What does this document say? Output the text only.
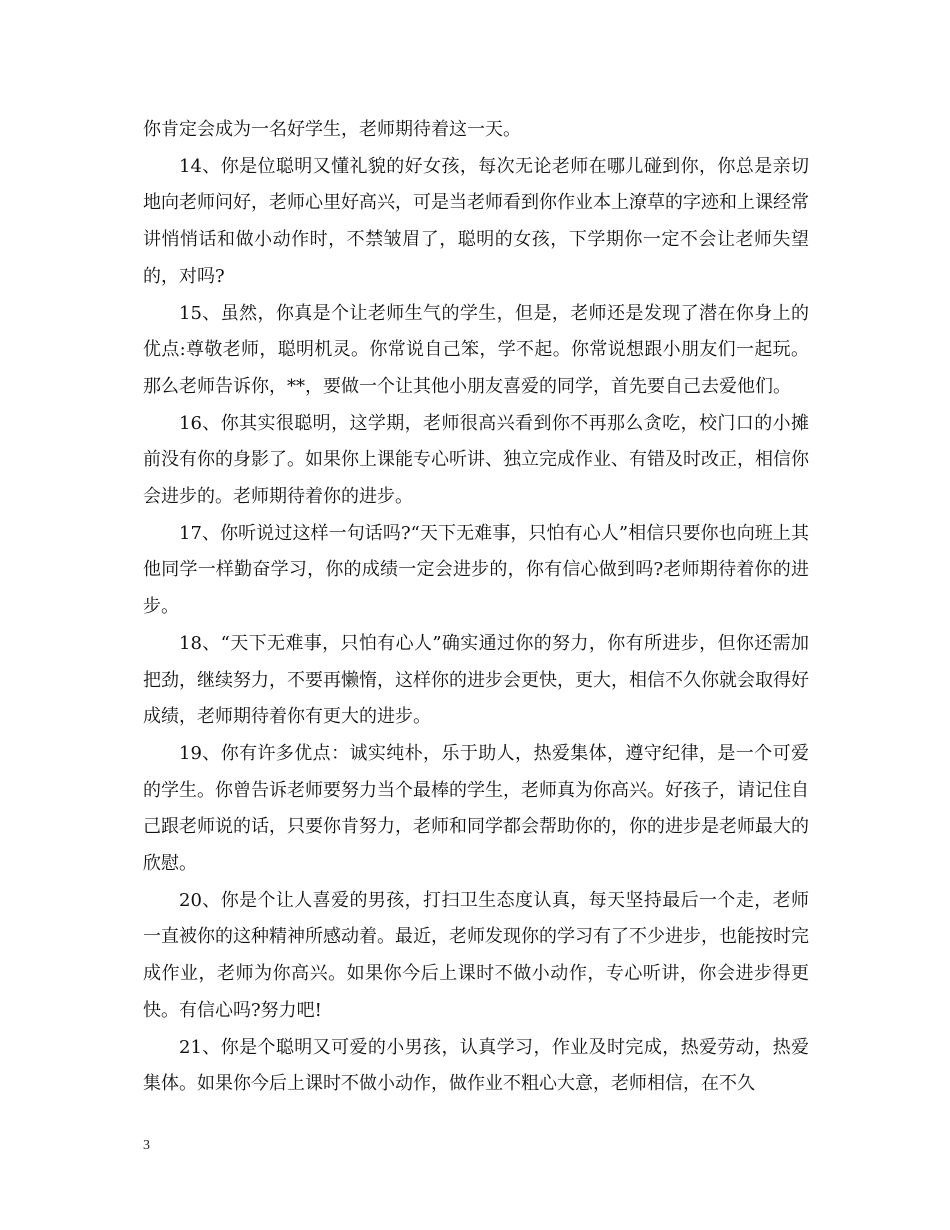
你肯定会成为一名好学生，老师期待着这一天。

14、你是位聪明又懂礼貌的好女孩，每次无论老师在哪儿碰到你，你总是亲切地向老师问好，老师心里好高兴，可是当老师看到你作业本上潦草的字迹和上课经常讲悄悄话和做小动作时，不禁皱眉了，聪明的女孩，下学期你一定不会让老师失望的，对吗?

15、虽然，你真是个让老师生气的学生，但是，老师还是发现了潜在你身上的优点:尊敬老师，聪明机灵。你常说自己笨，学不起。你常说想跟小朋友们一起玩。那么老师告诉你，**，要做一个让其他小朋友喜爱的同学，首先要自己去爱他们。

16、你其实很聪明，这学期，老师很高兴看到你不再那么贪吃，校门口的小摊前没有你的身影了。如果你上课能专心听讲、独立完成作业、有错及时改正，相信你会进步的。老师期待着你的进步。

17、你听说过这样一句话吗?“天下无难事，只怕有心人”相信只要你也向班上其他同学一样勤奋学习，你的成绩一定会进步的，你有信心做到吗?老师期待着你的进步。

18、“天下无难事，只怕有心人”确实通过你的努力，你有所进步，但你还需加把劲，继续努力，不要再懒惰，这样你的进步会更快，更大，相信不久你就会取得好成绩，老师期待着你有更大的进步。

19、你有许多优点：诚实纯朴，乐于助人，热爱集体，遵守纪律，是一个可爱的学生。你曾告诉老师要努力当个最棒的学生，老师真为你高兴。好孩子，请记住自己跟老师说的话，只要你肯努力，老师和同学都会帮助你的，你的进步是老师最大的欣慰。

20、你是个让人喜爱的男孩，打扫卫生态度认真，每天坚持最后一个走，老师一直被你的这种精神所感动着。最近，老师发现你的学习有了不少进步，也能按时完成作业，老师为你高兴。如果你今后上课时不做小动作，专心听讲，你会进步得更快。有信心吗?努力吧!

21、你是个聪明又可爱的小男孩，认真学习，作业及时完成，热爱劳动，热爱集体。如果你今后上课时不做小动作，做作业不粗心大意，老师相信，在不久

3
